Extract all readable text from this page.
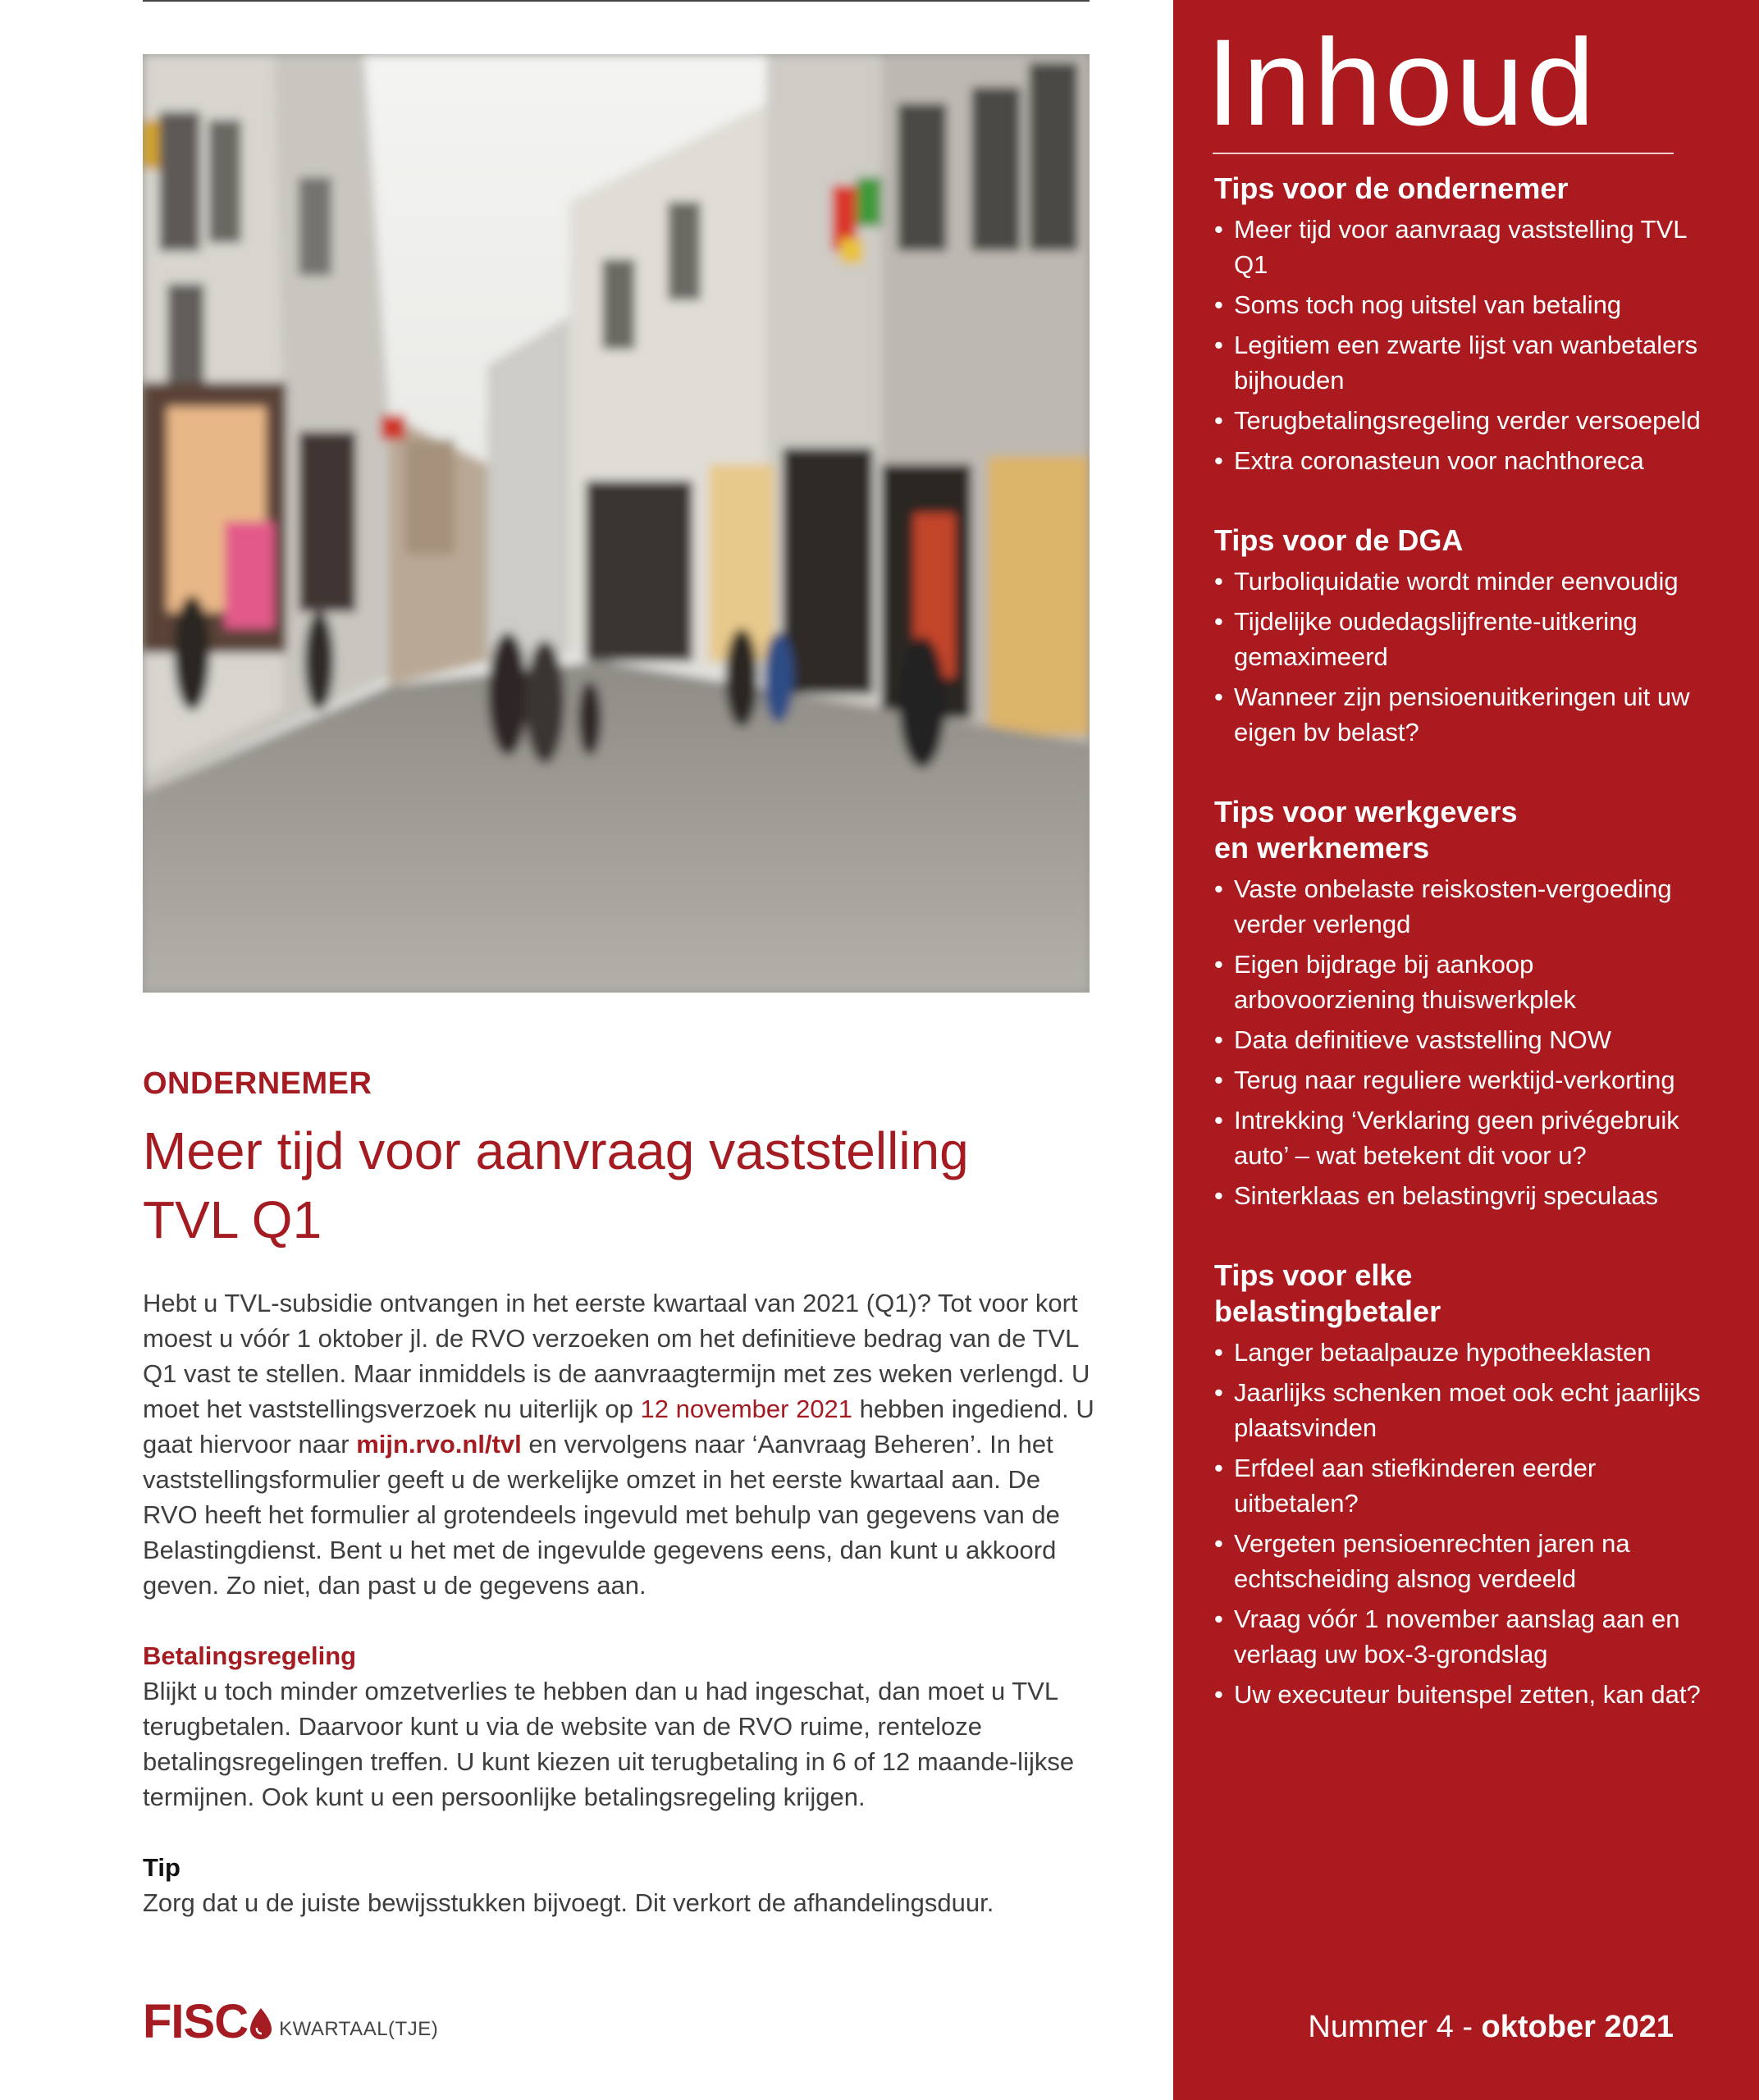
ONDERNEMER
Meer tijd voor aanvraag vaststelling TVL Q1

Hebt u TVL-subsidie ontvangen in het eerste kwartaal van 2021 (Q1)? Tot voor kort moest u vóór 1 oktober jl. de RVO verzoeken om het definitieve bedrag van de TVL Q1 vast te stellen. Maar inmiddels is de aanvraagtermijn met zes weken verlengd. U moet het vaststellingsverzoek nu uiterlijk op 12 november 2021 hebben ingediend. U gaat hiervoor naar mijn.rvo.nl/tvl en vervolgens naar ‘Aanvraag Beheren’. In het vaststellingsformulier geeft u de werkelijke omzet in het eerste kwartaal aan. De RVO heeft het formulier al grotendeels ingevuld met behulp van gegevens van de Belastingdienst. Bent u het met de ingevulde gegevens eens, dan kunt u akkoord geven. Zo niet, dan past u de gegevens aan.

Betalingsregeling

Blijkt u toch minder omzetverlies te hebben dan u had ingeschat, dan moet u TVL terugbetalen. Daarvoor kunt u via de website van de RVO ruime, renteloze betalingsregelingen treffen. U kunt kiezen uit terugbetaling in 6 of 12 maande-lijkse termijnen. Ook kunt u een persoonlijke betalingsregeling krijgen.

Tip

Zorg dat u de juiste bewijsstukken bijvoegt. Dit verkort de afhandelingsduur.

FISC KWARTAAL(TJE)
Inhoud
Tips voor de ondernemer
• Meer tijd voor aanvraag vaststelling TVL Q1
• Soms toch nog uitstel van betaling
• Legitiem een zwarte lijst van wanbetalers bijhouden
• Terugbetalingsregeling verder versoepeld
• Extra coronasteun voor nachthoreca
Tips voor de DGA
• Turboliquidatie wordt minder eenvoudig
• Tijdelijke oudedagslijfrente-uitkering gemaximeerd
• Wanneer zijn pensioenuitkeringen uit uw eigen bv belast?
Tips voor werkgevers en werknemers
• Vaste onbelaste reiskosten-vergoeding verder verlengd
• Eigen bijdrage bij aankoop arbovoorziening thuiswerkplek
• Data definitieve vaststelling NOW
• Terug naar reguliere werktijd-verkorting
• Intrekking ‘Verklaring geen privégebruik auto’ – wat betekent dit voor u?
• Sinterklaas en belastingvrij speculaas
Tips voor elke belastingbetaler
• Langer betaalpauze hypotheeklasten
• Jaarlijks schenken moet ook echt jaarlijks plaatsvinden
• Erfdeel aan stiefkinderen eerder uitbetalen?
• Vergeten pensioenrechten jaren na echtscheiding alsnog verdeeld
• Vraag vóór 1 november aanslag aan en verlaag uw box-3-grondslag
• Uw executeur buitenspel zetten, kan dat?
Nummer 4 - oktober 2021
